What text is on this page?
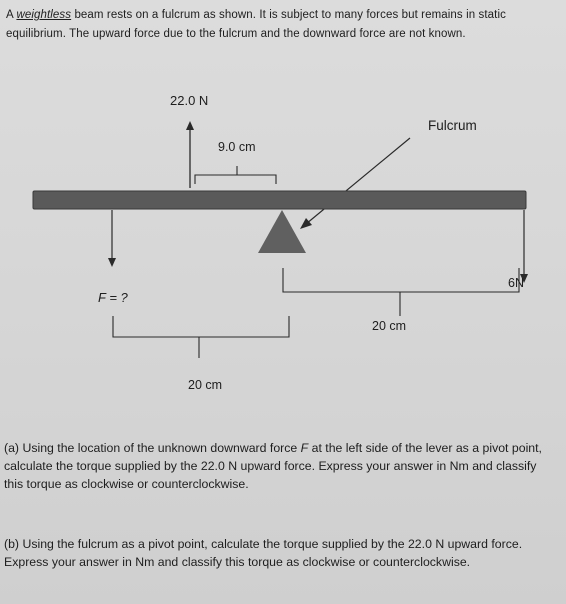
A weightless beam rests on a fulcrum as shown. It is subject to many forces but remains in static equilibrium. The upward force due to the fulcrum and the downward force are not known.
22.0 N
9.0 cm
Fulcrum
F = ?
6N
20 cm
20 cm
(a) Using the location of the unknown downward force F at the left side of the lever as a pivot point, calculate the torque supplied by the 22.0 N upward force. Express your answer in Nm and classify this torque as clockwise or counterclockwise.
(b) Using the fulcrum as a pivot point, calculate the torque supplied by the 22.0 N upward force. Express your answer in Nm and classify this torque as clockwise or counterclockwise.
